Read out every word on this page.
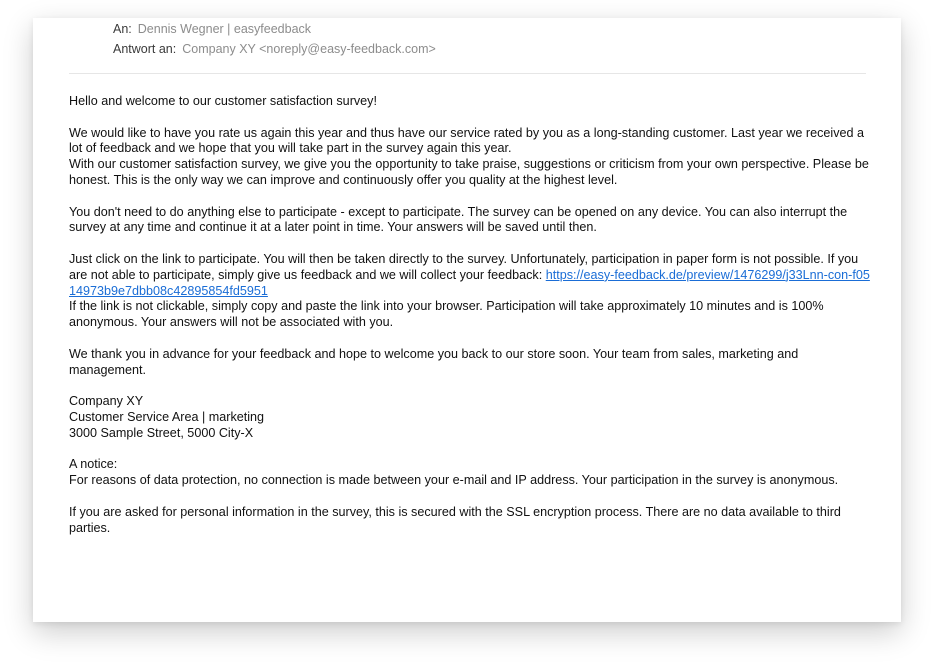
An: Dennis Wegner | easyfeedback
Antwort an: Company XY <noreply@easy-feedback.com>

Hello and welcome to our customer satisfaction survey!

We would like to have you rate us again this year and thus have our service rated by you as a long-standing customer. Last year we received a lot of feedback and we hope that you will take part in the survey again this year.
With our customer satisfaction survey, we give you the opportunity to take praise, suggestions or criticism from your own perspective. Please be honest. This is the only way we can improve and continuously offer you quality at the highest level.

You don't need to do anything else to participate - except to participate. The survey can be opened on any device. You can also interrupt the survey at any time and continue it at a later point in time. Your answers will be saved until then.

Just click on the link to participate. You will then be taken directly to the survey. Unfortunately, participation in paper form is not possible. If you are not able to participate, simply give us feedback and we will collect your feedback: https://easy-feedback.de/preview/1476299/j33Lnn-con-f0514973b9e7dbb08c42895854fd5951
If the link is not clickable, simply copy and paste the link into your browser. Participation will take approximately 10 minutes and is 100% anonymous. Your answers will not be associated with you.

We thank you in advance for your feedback and hope to welcome you back to our store soon. Your team from sales, marketing and management.

Company XY
Customer Service Area | marketing
3000 Sample Street, 5000 City-X

A notice:
For reasons of data protection, no connection is made between your e-mail and IP address. Your participation in the survey is anonymous.

If you are asked for personal information in the survey, this is secured with the SSL encryption process. There are no data available to third parties.
